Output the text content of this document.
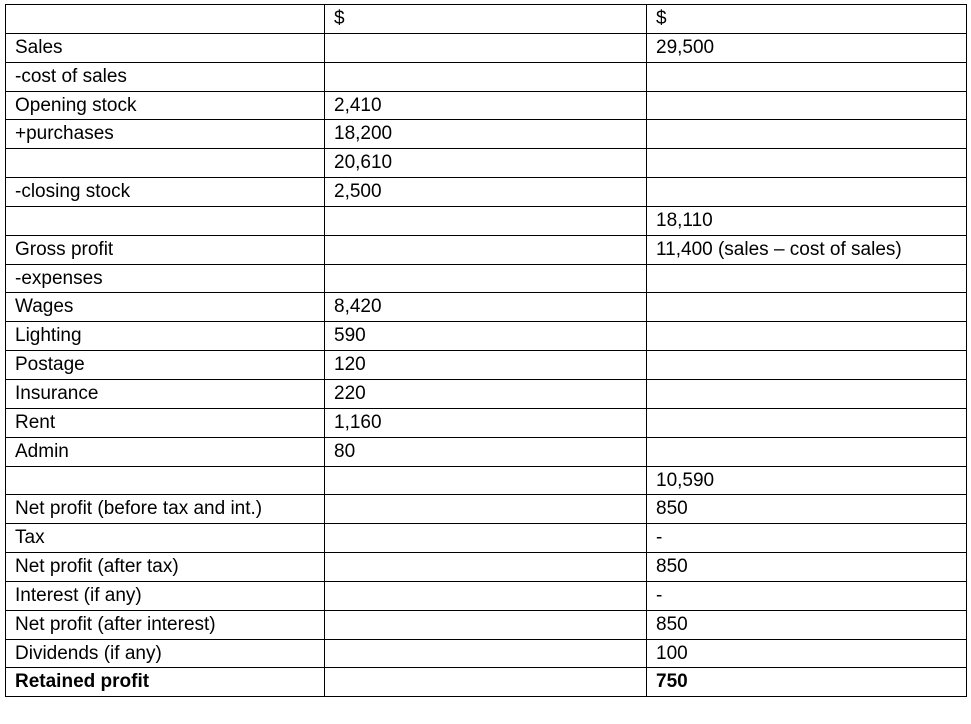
	$	$

Sales		29,500

-cost of sales		

Opening stock	2,410	

+purchases	18,200	

	20,610	

-closing stock	2,500	

		18,110

Gross profit		11,400 (sales – cost of sales)

-expenses		

Wages	8,420	

Lighting	590	

Postage	120	

Insurance	220	

Rent	1,160	

Admin	80	

		10,590

Net profit (before tax and int.)		850

Tax		-

Net profit (after tax)		850

Interest (if any)		-

Net profit (after interest)		850

Dividends (if any)		100

Retained profit		750
